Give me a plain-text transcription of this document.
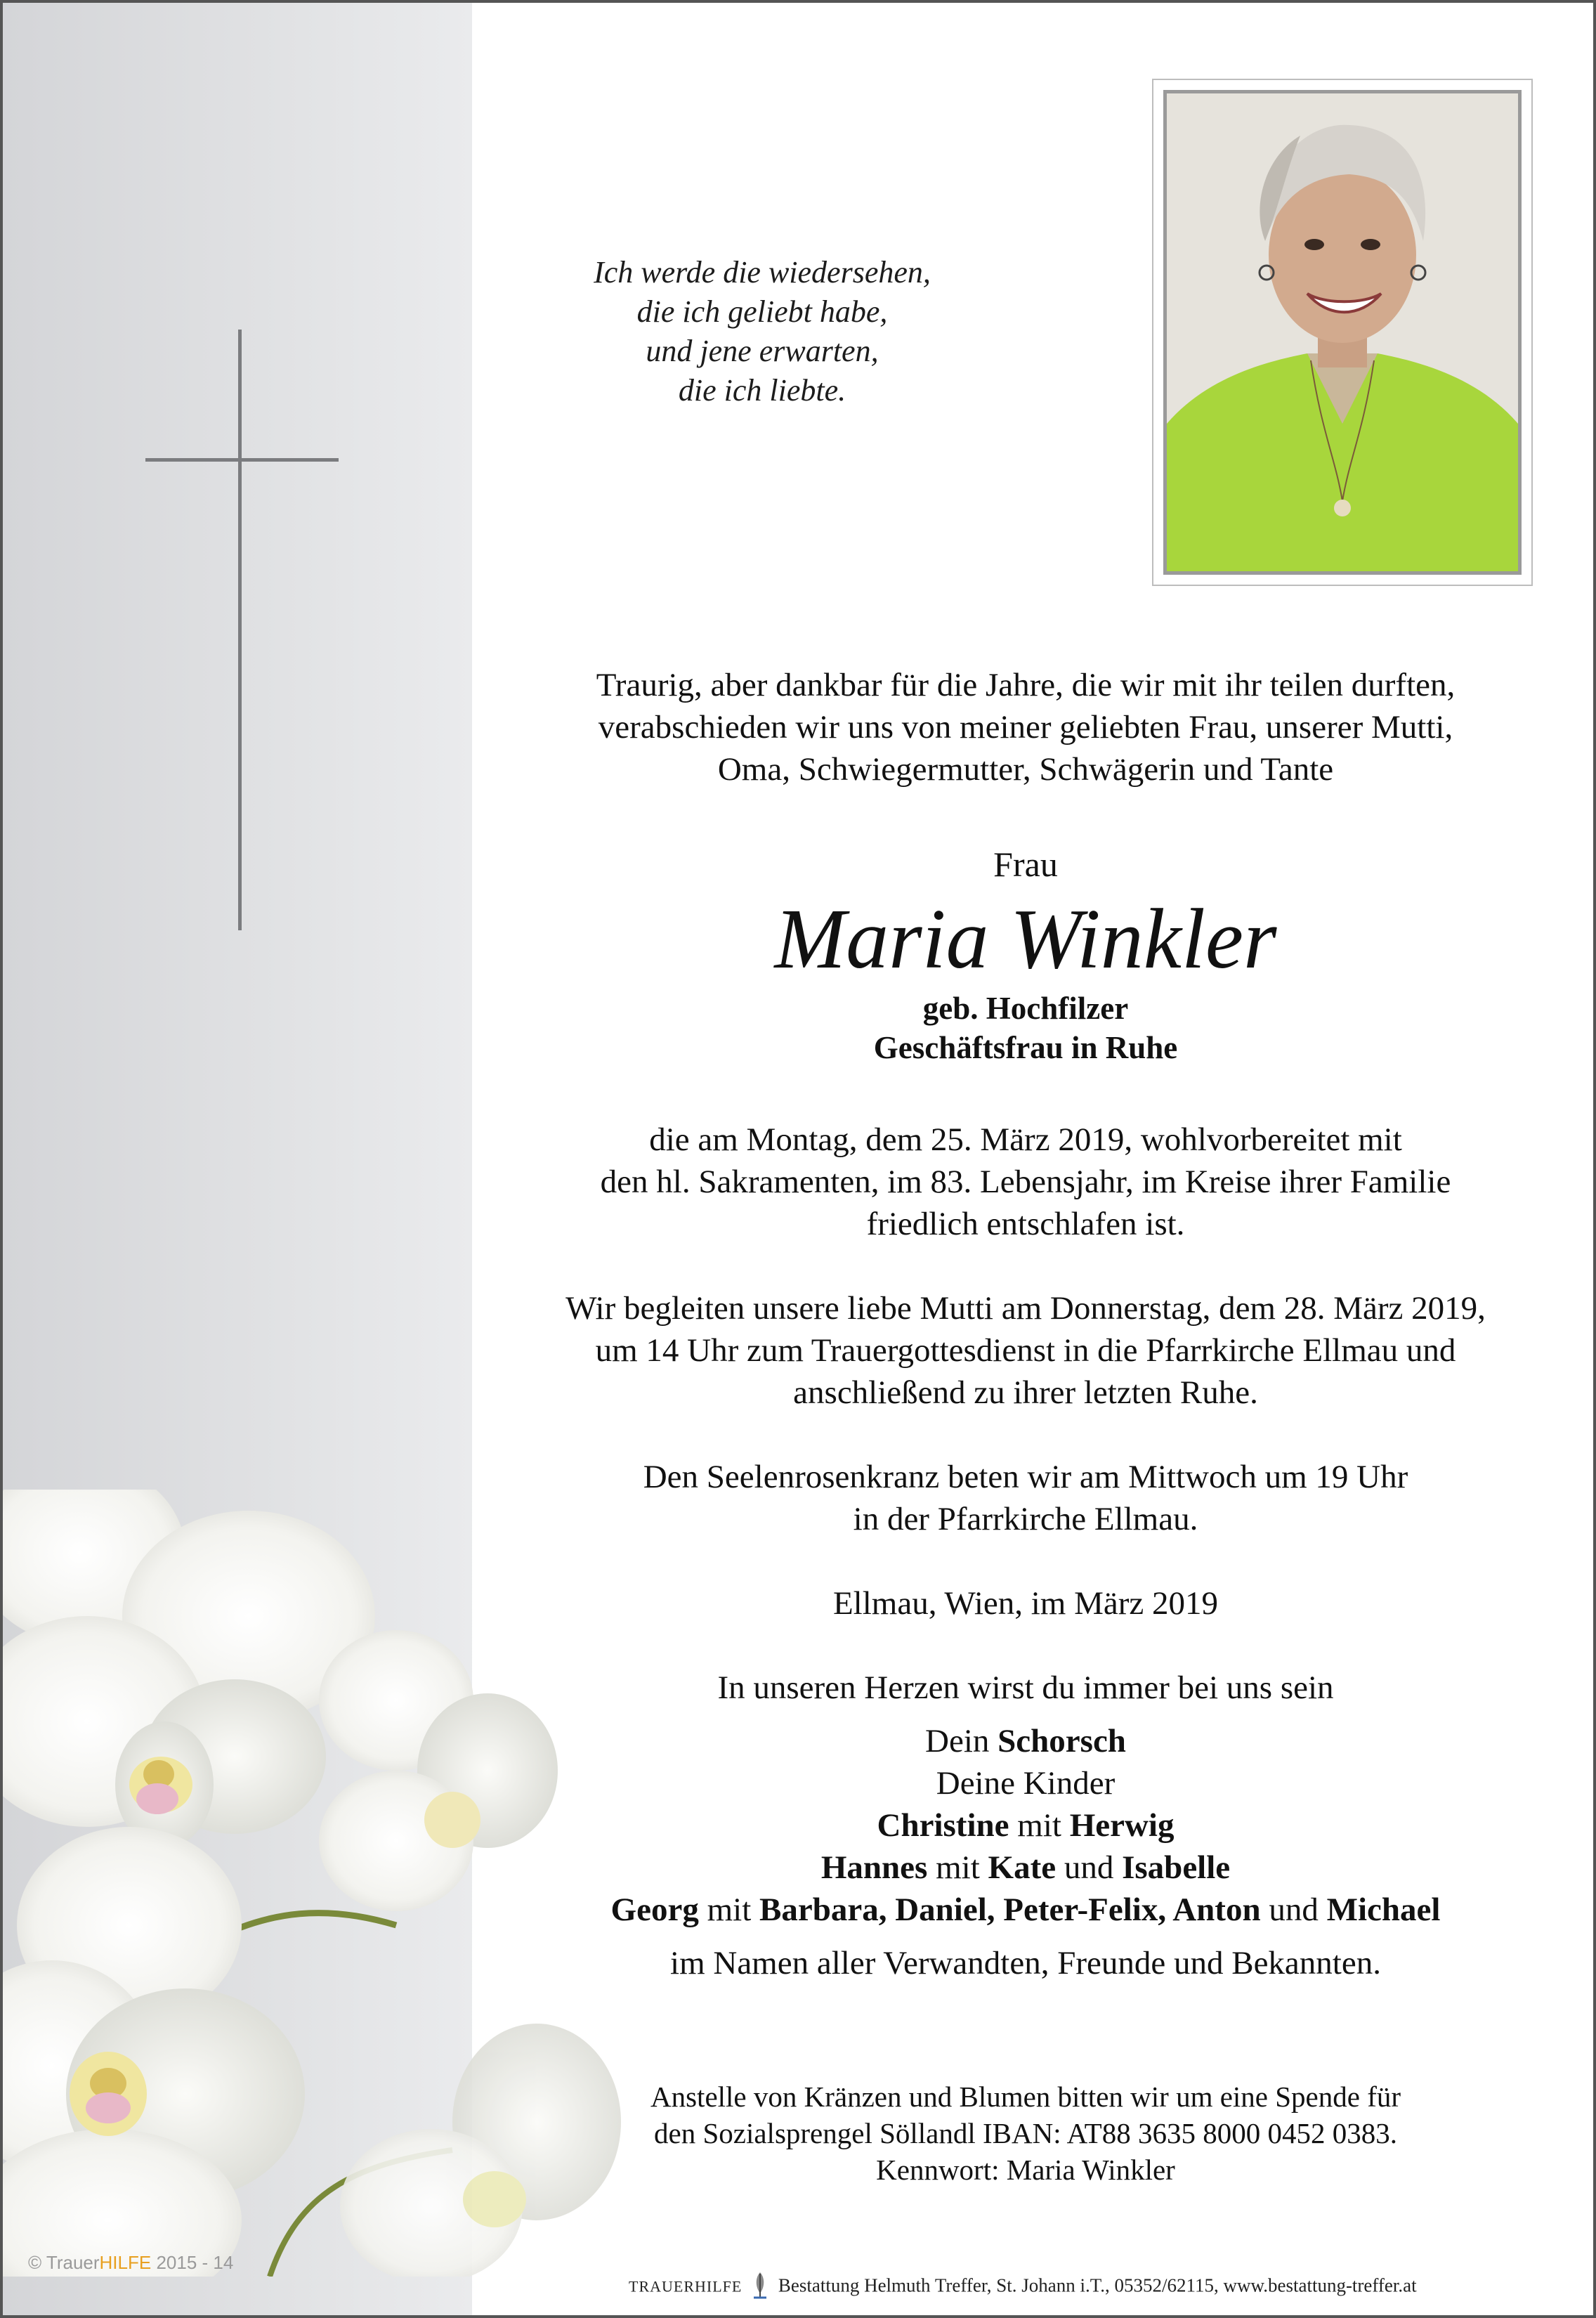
Ich werde die wiedersehen,
die ich geliebt habe,
und jene erwarten,
die ich liebte.
Traurig, aber dankbar für die Jahre, die wir mit ihr teilen durften,
verabschieden wir uns von meiner geliebten Frau, unserer Mutti,
Oma, Schwiegermutter, Schwägerin und Tante
Frau
Maria Winkler
geb. Hochfilzer
Geschäftsfrau in Ruhe
die am Montag, dem 25. März 2019, wohlvorbereitet mit
den hl. Sakramenten, im 83. Lebensjahr, im Kreise ihrer Familie
friedlich entschlafen ist.
Wir begleiten unsere liebe Mutti am Donnerstag, dem 28. März 2019,
um 14 Uhr zum Trauergottesdienst in die Pfarrkirche Ellmau und
anschließend zu ihrer letzten Ruhe.
Den Seelenrosenkranz beten wir am Mittwoch um 19 Uhr
in der Pfarrkirche Ellmau.
Ellmau, Wien, im März 2019
In unseren Herzen wirst du immer bei uns sein
Dein Schorsch
Deine Kinder
Christine mit Herwig
Hannes mit Kate und Isabelle
Georg mit Barbara, Daniel, Peter-Felix, Anton und Michael
im Namen aller Verwandten, Freunde und Bekannten.
Anstelle von Kränzen und Blumen bitten wir um eine Spende für
den Sozialsprengel Söllandl IBAN: AT88 3635 8000 0452 0383.
Kennwort: Maria Winkler
© TrauerHILFE 2015 - 14
TRAUERHILFE Bestattung Helmuth Treffer, St. Johann i.T., 05352/62115, www.bestattung-treffer.at
